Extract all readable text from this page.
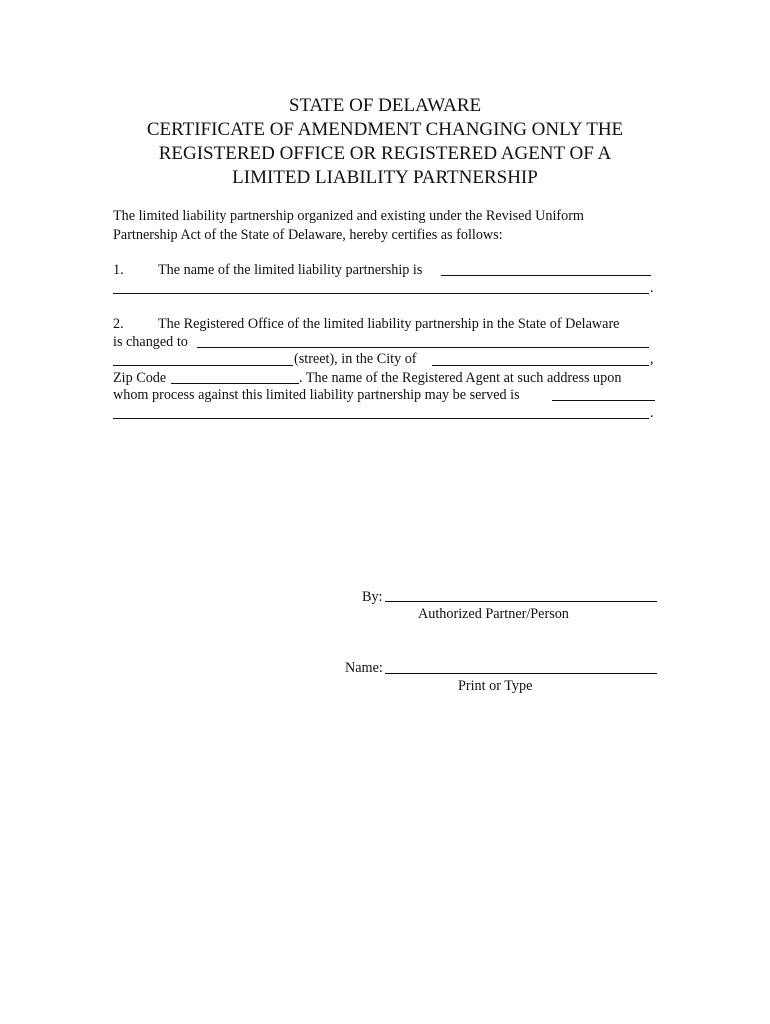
STATE OF DELAWARE
CERTIFICATE OF AMENDMENT CHANGING ONLY THE
REGISTERED OFFICE OR REGISTERED AGENT OF A
LIMITED LIABILITY PARTNERSHIP
The limited liability partnership organized and existing under the Revised Uniform
Partnership Act of the State of Delaware, hereby certifies as follows:
1. The name of the limited liability partnership is
.
2. The Registered Office of the limited liability partnership in the State of Delaware
is changed to
(street), in the City of	,
Zip Code	. The name of the Registered Agent at such address upon
whom process against this limited liability partnership may be served is
.
By:
Authorized Partner/Person
Name:
Print or Type
